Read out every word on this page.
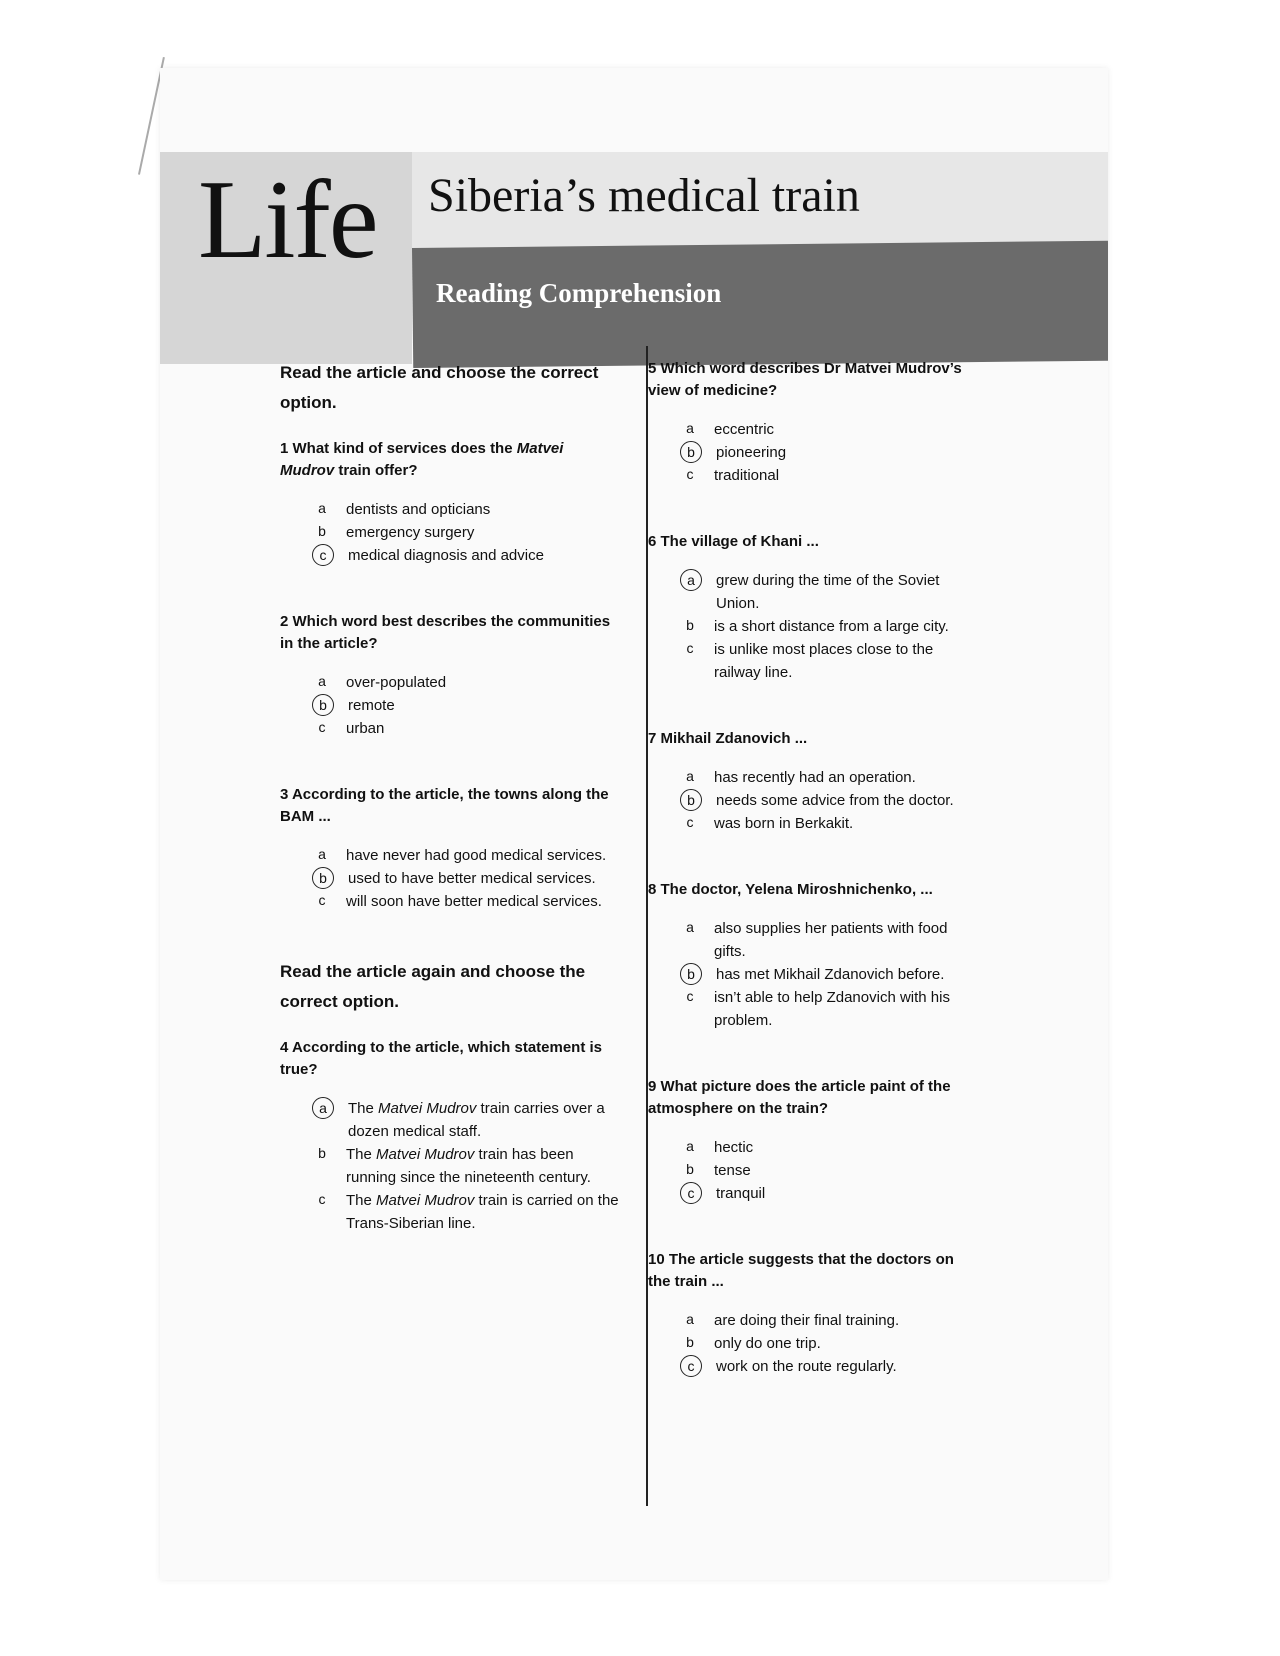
Life Siberia’s medical train
Reading Comprehension
Read the article and choose the correct option.
1 What kind of services does the Matvei Mudrov train offer?
a	dentists and opticians
b	emergency surgery
c	medical diagnosis and advice
2 Which word best describes the communities in the article?
a	over-populated
b	remote
c	urban
3 According to the article, the towns along the BAM ...
a	have never had good medical services.
b	used to have better medical services.
c	will soon have better medical services.
Read the article again and choose the correct option.
4 According to the article, which statement is true?
a	The Matvei Mudrov train carries over a dozen medical staff.
b	The Matvei Mudrov train has been running since the nineteenth century.
c	The Matvei Mudrov train is carried on the Trans-Siberian line.
5 Which word describes Dr Matvei Mudrov’s view of medicine?
a	eccentric
b	pioneering
c	traditional
6 The village of Khani ...
a	grew during the time of the Soviet Union.
b	is a short distance from a large city.
c	is unlike most places close to the railway line.
7 Mikhail Zdanovich ...
a	has recently had an operation.
b	needs some advice from the doctor.
c	was born in Berkakit.
8 The doctor, Yelena Miroshnichenko, ...
a	also supplies her patients with food gifts.
b	has met Mikhail Zdanovich before.
c	isn’t able to help Zdanovich with his problem.
9 What picture does the article paint of the atmosphere on the train?
a	hectic
b	tense
c	tranquil
10 The article suggests that the doctors on the train ...
a	are doing their final training.
b	only do one trip.
c	work on the route regularly.
